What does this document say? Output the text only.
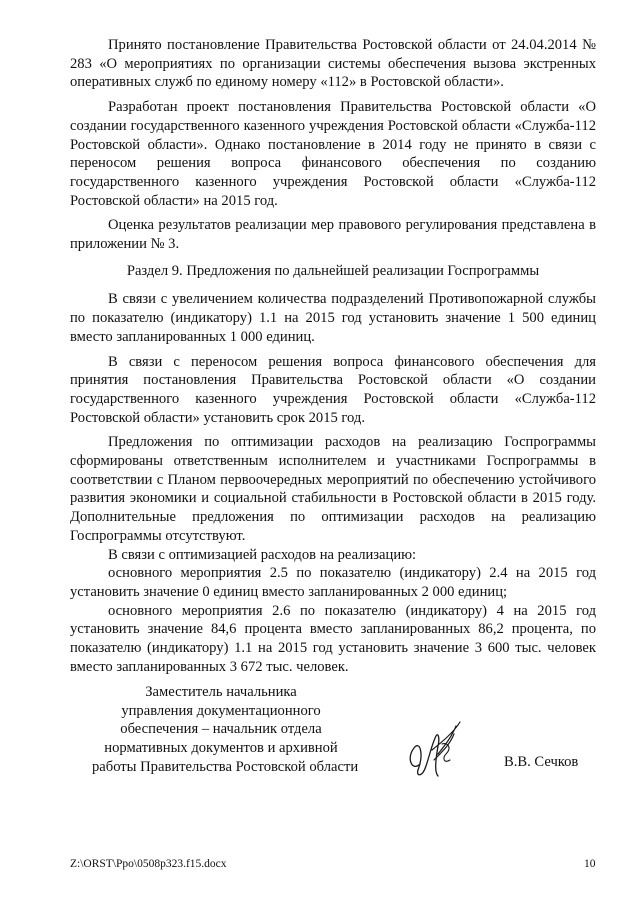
Принято постановление Правительства Ростовской области от 24.04.2014 № 283 «О мероприятиях по организации системы обеспечения вызова экстренных оперативных служб по единому номеру «112» в Ростовской области».

Разработан проект постановления Правительства Ростовской области «О создании государственного казенного учреждения Ростовской области «Служба-112 Ростовской области». Однако постановление в 2014 году не принято в связи с переносом решения вопроса финансового обеспечения по созданию государственного казенного учреждения Ростовской области «Служба-112 Ростовской области» на 2015 год.

Оценка результатов реализации мер правового регулирования представлена в приложении № 3.

Раздел 9. Предложения по дальнейшей реализации Госпрограммы

В связи с увеличением количества подразделений Противопожарной службы по показателю (индикатору) 1.1 на 2015 год установить значение 1 500 единиц вместо запланированных 1 000 единиц.

В связи с переносом решения вопроса финансового обеспечения для принятия постановления Правительства Ростовской области «О создании государственного казенного учреждения Ростовской области «Служба-112 Ростовской области» установить срок 2015 год.

Предложения по оптимизации расходов на реализацию Госпрограммы сформированы ответственным исполнителем и участниками Госпрограммы в соответствии с Планом первоочередных мероприятий по обеспечению устойчивого развития экономики и социальной стабильности в Ростовской области в 2015 году. Дополнительные предложения по оптимизации расходов на реализацию Госпрограммы отсутствуют.

В связи с оптимизацией расходов на реализацию:

основного мероприятия 2.5 по показателю (индикатору) 2.4 на 2015 год установить значение 0 единиц вместо запланированных 2 000 единиц;

основного мероприятия 2.6 по показателю (индикатору) 4 на 2015 год установить значение 84,6 процента вместо запланированных 86,2 процента, по показателю (индикатору) 1.1 на 2015 год установить значение 3 600 тыс. человек вместо запланированных 3 672 тыс. человек.

Заместитель начальника
управления документационного
обеспечения – начальник отдела
нормативных документов и архивной
работы Правительства Ростовской области	В.В. Сечков
Z:\ORST\Ppo\0508p323.f15.docx	10
